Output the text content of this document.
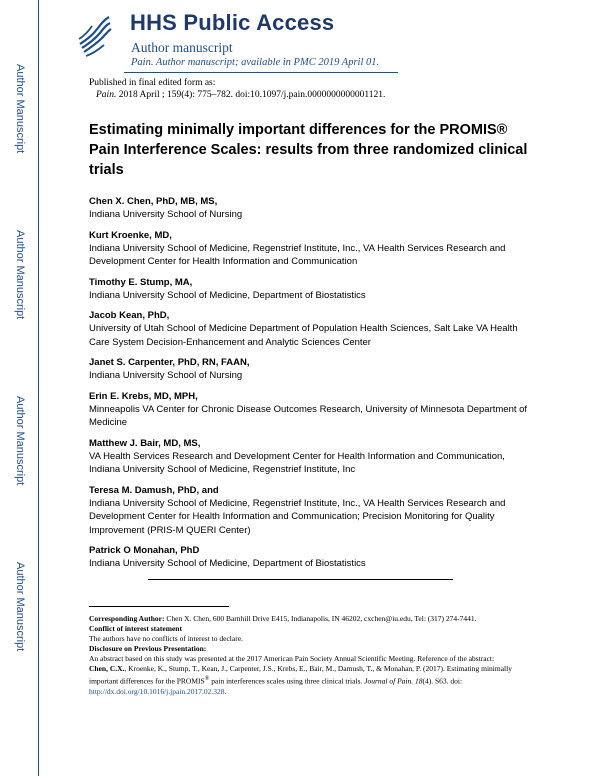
Author Manuscript
Author Manuscript
Author Manuscript
Author Manuscript
HHS Public Access
Author manuscript
Pain. Author manuscript; available in PMC 2019 April 01.
Published in final edited form as:
Pain. 2018 April ; 159(4): 775–782. doi:10.1097/j.pain.0000000000001121.
Estimating minimally important differences for the PROMIS® Pain Interference Scales: results from three randomized clinical trials
Chen X. Chen, PhD, MB, MS,
Indiana University School of Nursing
Kurt Kroenke, MD,
Indiana University School of Medicine, Regenstrief Institute, Inc., VA Health Services Research and Development Center for Health Information and Communication
Timothy E. Stump, MA,
Indiana University School of Medicine, Department of Biostatistics
Jacob Kean, PhD,
University of Utah School of Medicine Department of Population Health Sciences, Salt Lake VA Health Care System Decision-Enhancement and Analytic Sciences Center
Janet S. Carpenter, PhD, RN, FAAN,
Indiana University School of Nursing
Erin E. Krebs, MD, MPH,
Minneapolis VA Center for Chronic Disease Outcomes Research, University of Minnesota Department of Medicine
Matthew J. Bair, MD, MS,
VA Health Services Research and Development Center for Health Information and Communication, Indiana University School of Medicine, Regenstrief Institute, Inc
Teresa M. Damush, PhD, and
Indiana University School of Medicine, Regenstrief Institute, Inc., VA Health Services Research and Development Center for Health Information and Communication; Precision Monitoring for Quality Improvement (PRIS-M QUERI Center)
Patrick O Monahan, PhD
Indiana University School of Medicine, Department of Biostatistics

Corresponding Author: Chen X. Chen, 600 Barnhill Drive E415, Indianapolis, IN 46202, cxchen@iu.edu, Tel: (317) 274-7441.

Conflict of interest statement

The authors have no conflicts of interest to declare.

Disclosure on Previous Presentation:

An abstract based on this study was presented at the 2017 American Pain Society Annual Scientific Meeting. Reference of the abstract:

Chen, C.X., Kroenke, K., Stump, T., Kean, J., Carpenter, J.S., Krebs, E., Bair, M., Damush, T., & Monahan, P. (2017). Estimating minimally important differences for the PROMIS® pain interferences scales using three clinical trials. Journal of Pain. 18(4). S63. doi:
http://dx.doi.org/10.1016/j.jpain.2017.02.328.
